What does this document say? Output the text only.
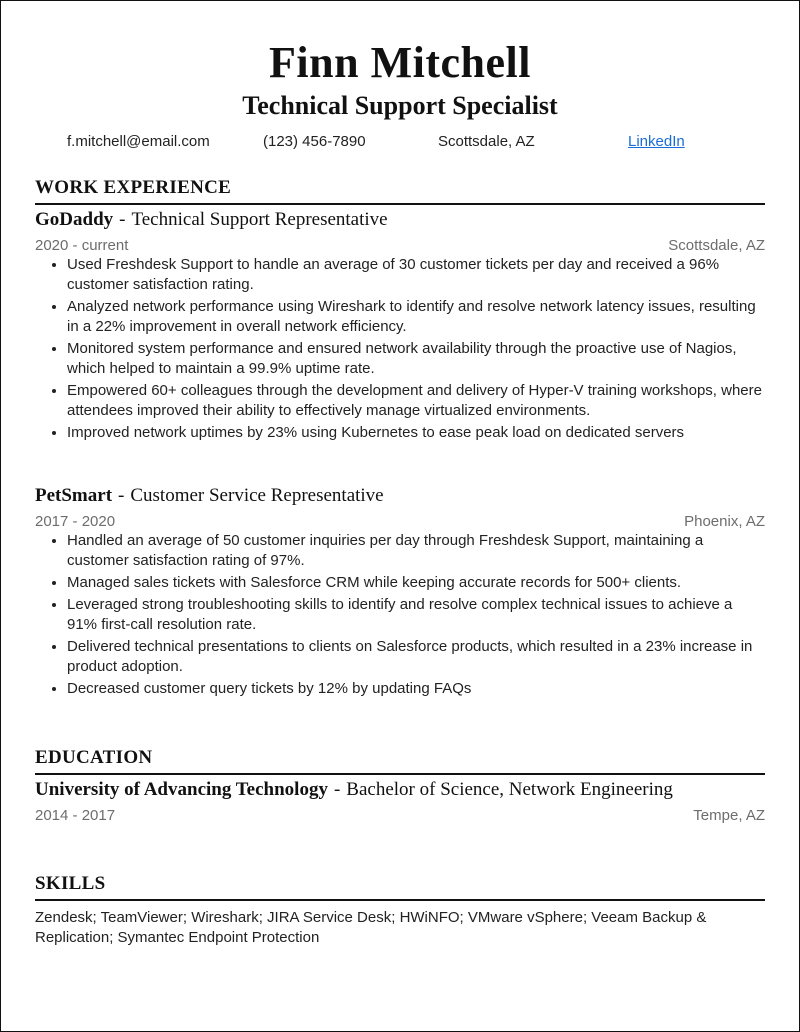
Finn Mitchell
Technical Support Specialist
f.mitchell@email.com	(123) 456-7890	Scottsdale, AZ	LinkedIn
WORK EXPERIENCE
GoDaddy - Technical Support Representative
2020 - current	Scottsdale, AZ
• Used Freshdesk Support to handle an average of 30 customer tickets per day and received a 96% customer satisfaction rating.
• Analyzed network performance using Wireshark to identify and resolve network latency issues, resulting in a 22% improvement in overall network efficiency.
• Monitored system performance and ensured network availability through the proactive use of Nagios, which helped to maintain a 99.9% uptime rate.
• Empowered 60+ colleagues through the development and delivery of Hyper-V training workshops, where attendees improved their ability to effectively manage virtualized environments.
• Improved network uptimes by 23% using Kubernetes to ease peak load on dedicated servers
PetSmart - Customer Service Representative
2017 - 2020	Phoenix, AZ
• Handled an average of 50 customer inquiries per day through Freshdesk Support, maintaining a customer satisfaction rating of 97%.
• Managed sales tickets with Salesforce CRM while keeping accurate records for 500+ clients.
• Leveraged strong troubleshooting skills to identify and resolve complex technical issues to achieve a 91% first-call resolution rate.
• Delivered technical presentations to clients on Salesforce products, which resulted in a 23% increase in product adoption.
• Decreased customer query tickets by 12% by updating FAQs
EDUCATION
University of Advancing Technology - Bachelor of Science, Network Engineering
2014 - 2017	Tempe, AZ
SKILLS
Zendesk; TeamViewer; Wireshark; JIRA Service Desk; HWiNFO; VMware vSphere; Veeam Backup & Replication; Symantec Endpoint Protection
